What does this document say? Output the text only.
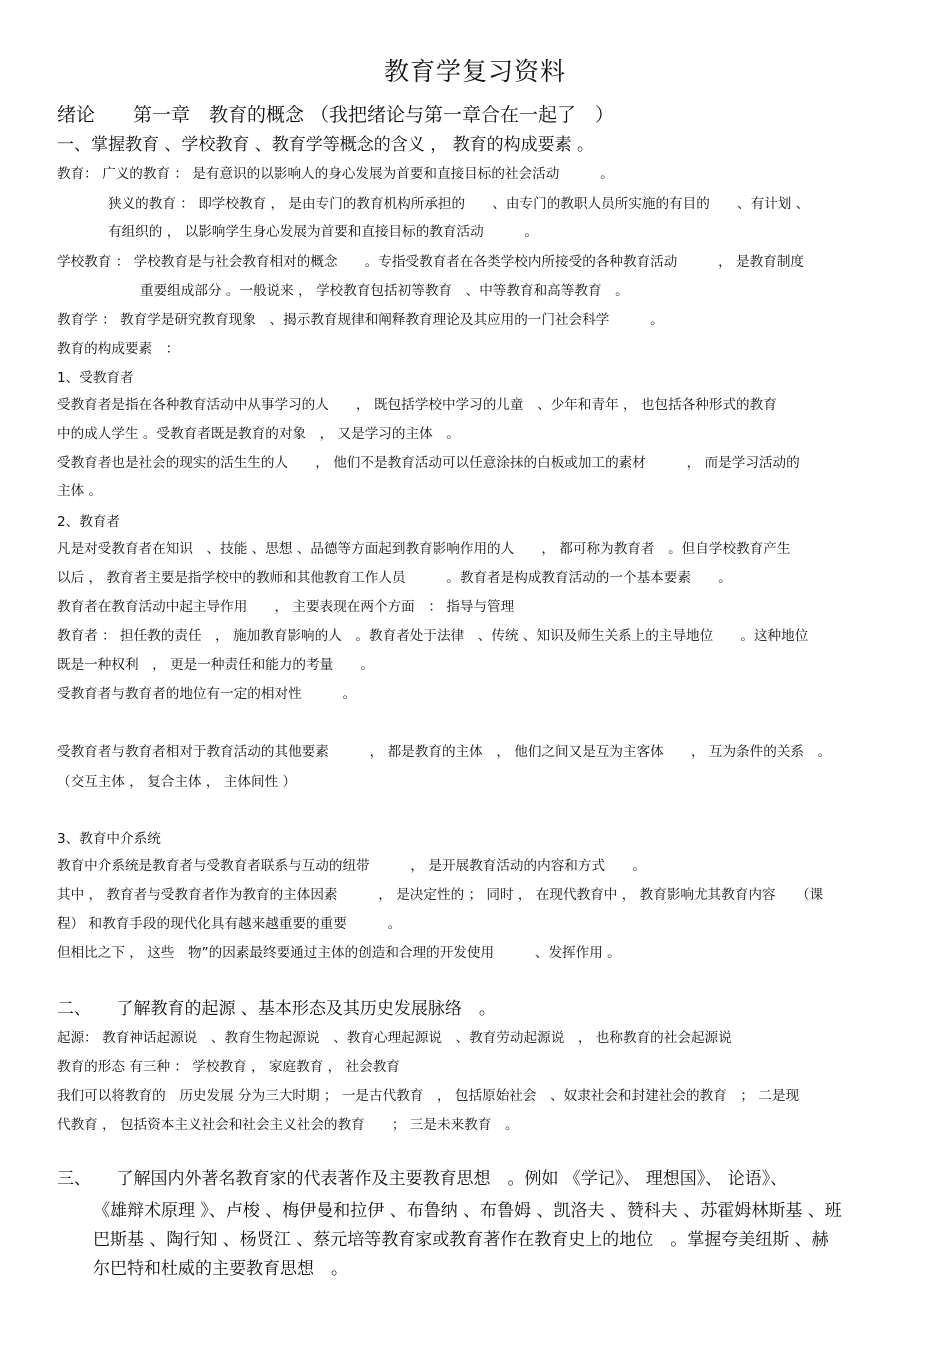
教育学复习资料
绪论　　第一章　教育的概念 （我把绪论与第一章合在一起了　）
一、掌握教育 、学校教育 、教育学等概念的含义 ， 教育的构成要素 。
教育： 广义的教育 ： 是有意识的以影响人的身心发展为首要和直接目标的社会活动　　　。
狭义的教育 ： 即学校教育 ， 是由专门的教育机构所承担的　　、由专门的教职人员所实施的有目的　　、有计划 、
有组织的 ， 以影响学生身心发展为首要和直接目标的教育活动　　　。
学校教育 ： 学校教育是与社会教育相对的概念　　。专指受教育者在各类学校内所接受的各种教育活动　　　， 是教育制度
重要组成部分 。一般说来 ， 学校教育包括初等教育　、中等教育和高等教育　。
教育学 ： 教育学是研究教育现象　、揭示教育规律和阐释教育理论及其应用的一门社会科学　　　。
教育的构成要素　：
1、受教育者
受教育者是指在各种教育活动中从事学习的人　　， 既包括学校中学习的儿童　、少年和青年 ， 也包括各种形式的教育
中的成人学生 。受教育者既是教育的对象　， 又是学习的主体　。
受教育者也是社会的现实的活生生的人　　， 他们不是教育活动可以任意涂抹的白板或加工的素材　　　， 而是学习活动的
主体 。
2、教育者
凡是对受教育者在知识　、技能 、思想 、品德等方面起到教育影响作用的人　　， 都可称为教育者　。但自学校教育产生
以后 ， 教育者主要是指学校中的教师和其他教育工作人员　　　。教育者是构成教育活动的一个基本要素　　。
教育者在教育活动中起主导作用　　， 主要表现在两个方面　： 指导与管理
教育者 ： 担任教的责任　， 施加教育影响的人　。教育者处于法律　、传统 、知识及师生关系上的主导地位　　。这种地位
既是一种权利　， 更是一种责任和能力的考量　　。
受教育者与教育者的地位有一定的相对性　　　。
受教育者与教育者相对于教育活动的其他要素　　　， 都是教育的主体　， 他们之间又是互为主客体　　， 互为条件的关系　。
（交互主体 ， 复合主体 ， 主体间性 ）
3、教育中介系统
教育中介系统是教育者与受教育者联系与互动的纽带　　　， 是开展教育活动的内容和方式　　。
其中 ， 教育者与受教育者作为教育的主体因素　　　， 是决定性的 ； 同时 ， 在现代教育中 ， 教育影响尤其教育内容　　（课
程） 和教育手段的现代化具有越来越重要的重要　　　。
但相比之下 ， 这些　物”的因素最终要通过主体的创造和合理的开发使用　　　、发挥作用 。
二、　　了解教育的起源 、基本形态及其历史发展脉络　。
起源： 教育神话起源说　、教育生物起源说　、教育心理起源说　、教育劳动起源说　， 也称教育的社会起源说
教育的形态 有三种 ： 学校教育 ， 家庭教育 ， 社会教育
我们可以将教育的　历史发展 分为三大时期 ； 一是古代教育　， 包括原始社会　、奴隶社会和封建社会的教育　； 二是现
代教育 ， 包括资本主义社会和社会主义社会的教育　　； 三是未来教育　。
三、　　了解国内外著名教育家的代表著作及主要教育思想　。例如 《学记》、 理想国》、 论语》、
《雄辩术原理 》、卢梭 、梅伊曼和拉伊 、布鲁纳 、布鲁姆 、凯洛夫 、赞科夫 、苏霍姆林斯基 、班
巴斯基 、陶行知 、杨贤江 、蔡元培等教育家或教育著作在教育史上的地位　。掌握夸美纽斯 、赫
尔巴特和杜威的主要教育思想　。
